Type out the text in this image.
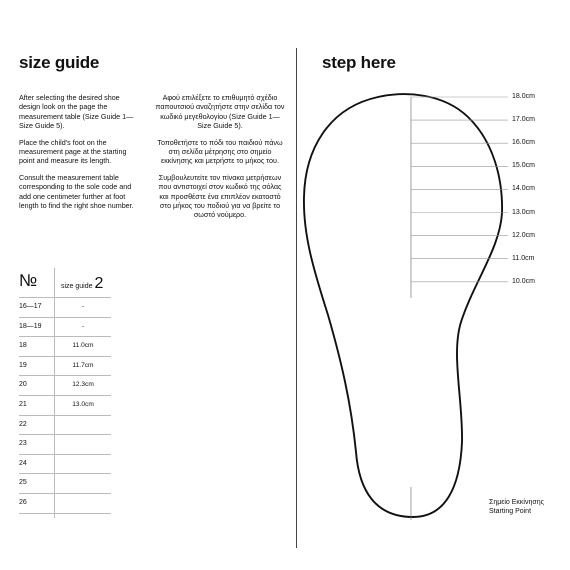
size guide

After selecting the desired shoe design look on the page the measurement table (Size Guide 1—Size Guide 5).

Place the child's foot on the measurement page at the starting point and measure its length.

Consult the measurement table corresponding to the sole code and add one centimeter further at foot length to find the right shoe number.

Αφού επιλέξετε το επιθυμητό σχέδιο παπουτσιού αναζητήστε στην σελίδα τον κωδικό μεγεθολογίου (Size Guide 1—Size Guide 5).

Τοποθετήστε το πόδι του παιδιού πάνω στη σελίδα μέτρησης στο σημείο εκκίνησης και μετρήστε το μήκος του.

Συμβουλευτείτε τον πίνακα μετρήσεων που αντιστοιχεί στον κωδικό της σόλας και προσθέστε ένα επιπλέον εκατοστό στο μήκος του ποδιού για να βρείτε το σωστό νούμερο.

№	size guide 2
16—17	-
18—19	-
18	11.0cm
19	11.7cm
20	12.3cm
21	13.0cm
22
23
24
25
26
step here
18.0cm
17.0cm
16.0cm
15.0cm
14.0cm
13.0cm
12.0cm
11.0cm
10.0cm
Σημείο Εκκίνησης
Starting Point
